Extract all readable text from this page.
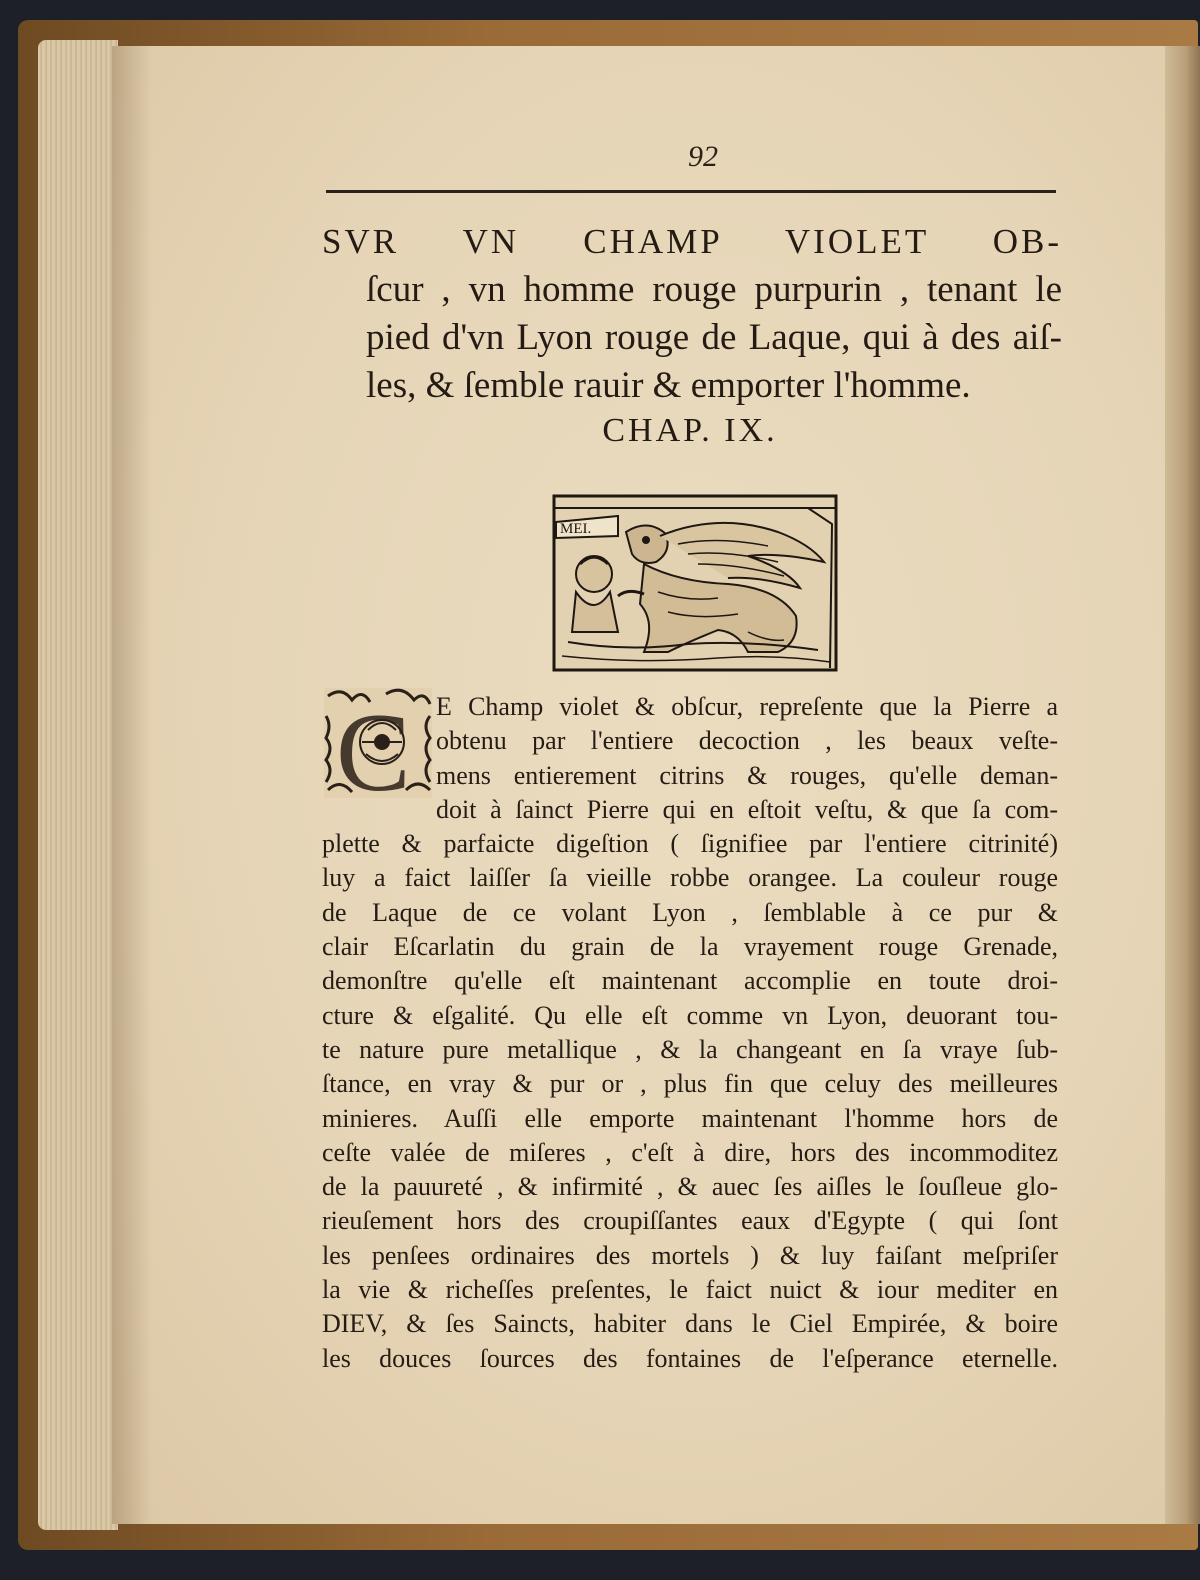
92
SVR VN CHAMP VIOLET OB-
ſcur , vn homme rouge purpurin , tenant le
pied d'vn Lyon rouge de Laque, qui à des aiſ-
les, & ſemble rauir & emporter l'homme.
CHAP. IX.
MEI.
C E Champ violet & obſcur, repreſente que la Pierre a
obtenu par l'entiere decoction , les beaux veſte-
mens entierement citrins & rouges, qu'elle deman-
doit à ſainct Pierre qui en eſtoit veſtu, & que ſa com-
plette & parfaicte digeſtion ( ſignifiee par l'entiere citrinité)
luy a faict laiſſer ſa vieille robbe orangee. La couleur rouge
de Laque de ce volant Lyon , ſemblable à ce pur &
clair Eſcarlatin du grain de la vrayement rouge Grenade,
demonſtre qu'elle eſt maintenant accomplie en toute droi-
cture & eſgalité. Qu elle eſt comme vn Lyon, deuorant tou-
te nature pure metallique , & la changeant en ſa vraye ſub-
ſtance, en vray & pur or , plus fin que celuy des meilleures
minieres. Auſſi elle emporte maintenant l'homme hors de
ceſte valée de miſeres , c'eſt à dire, hors des incommoditez
de la pauureté , & infirmité , & auec ſes aiſles le ſouſleue glo-
rieuſement hors des croupiſſantes eaux d'Egypte ( qui ſont
les penſees ordinaires des mortels ) & luy faiſant meſpriſer
la vie & richeſſes preſentes, le faict nuict & iour mediter en
DIEV, & ſes Saincts, habiter dans le Ciel Empirée, & boire
les douces ſources des fontaines de l'eſperance eternelle.
